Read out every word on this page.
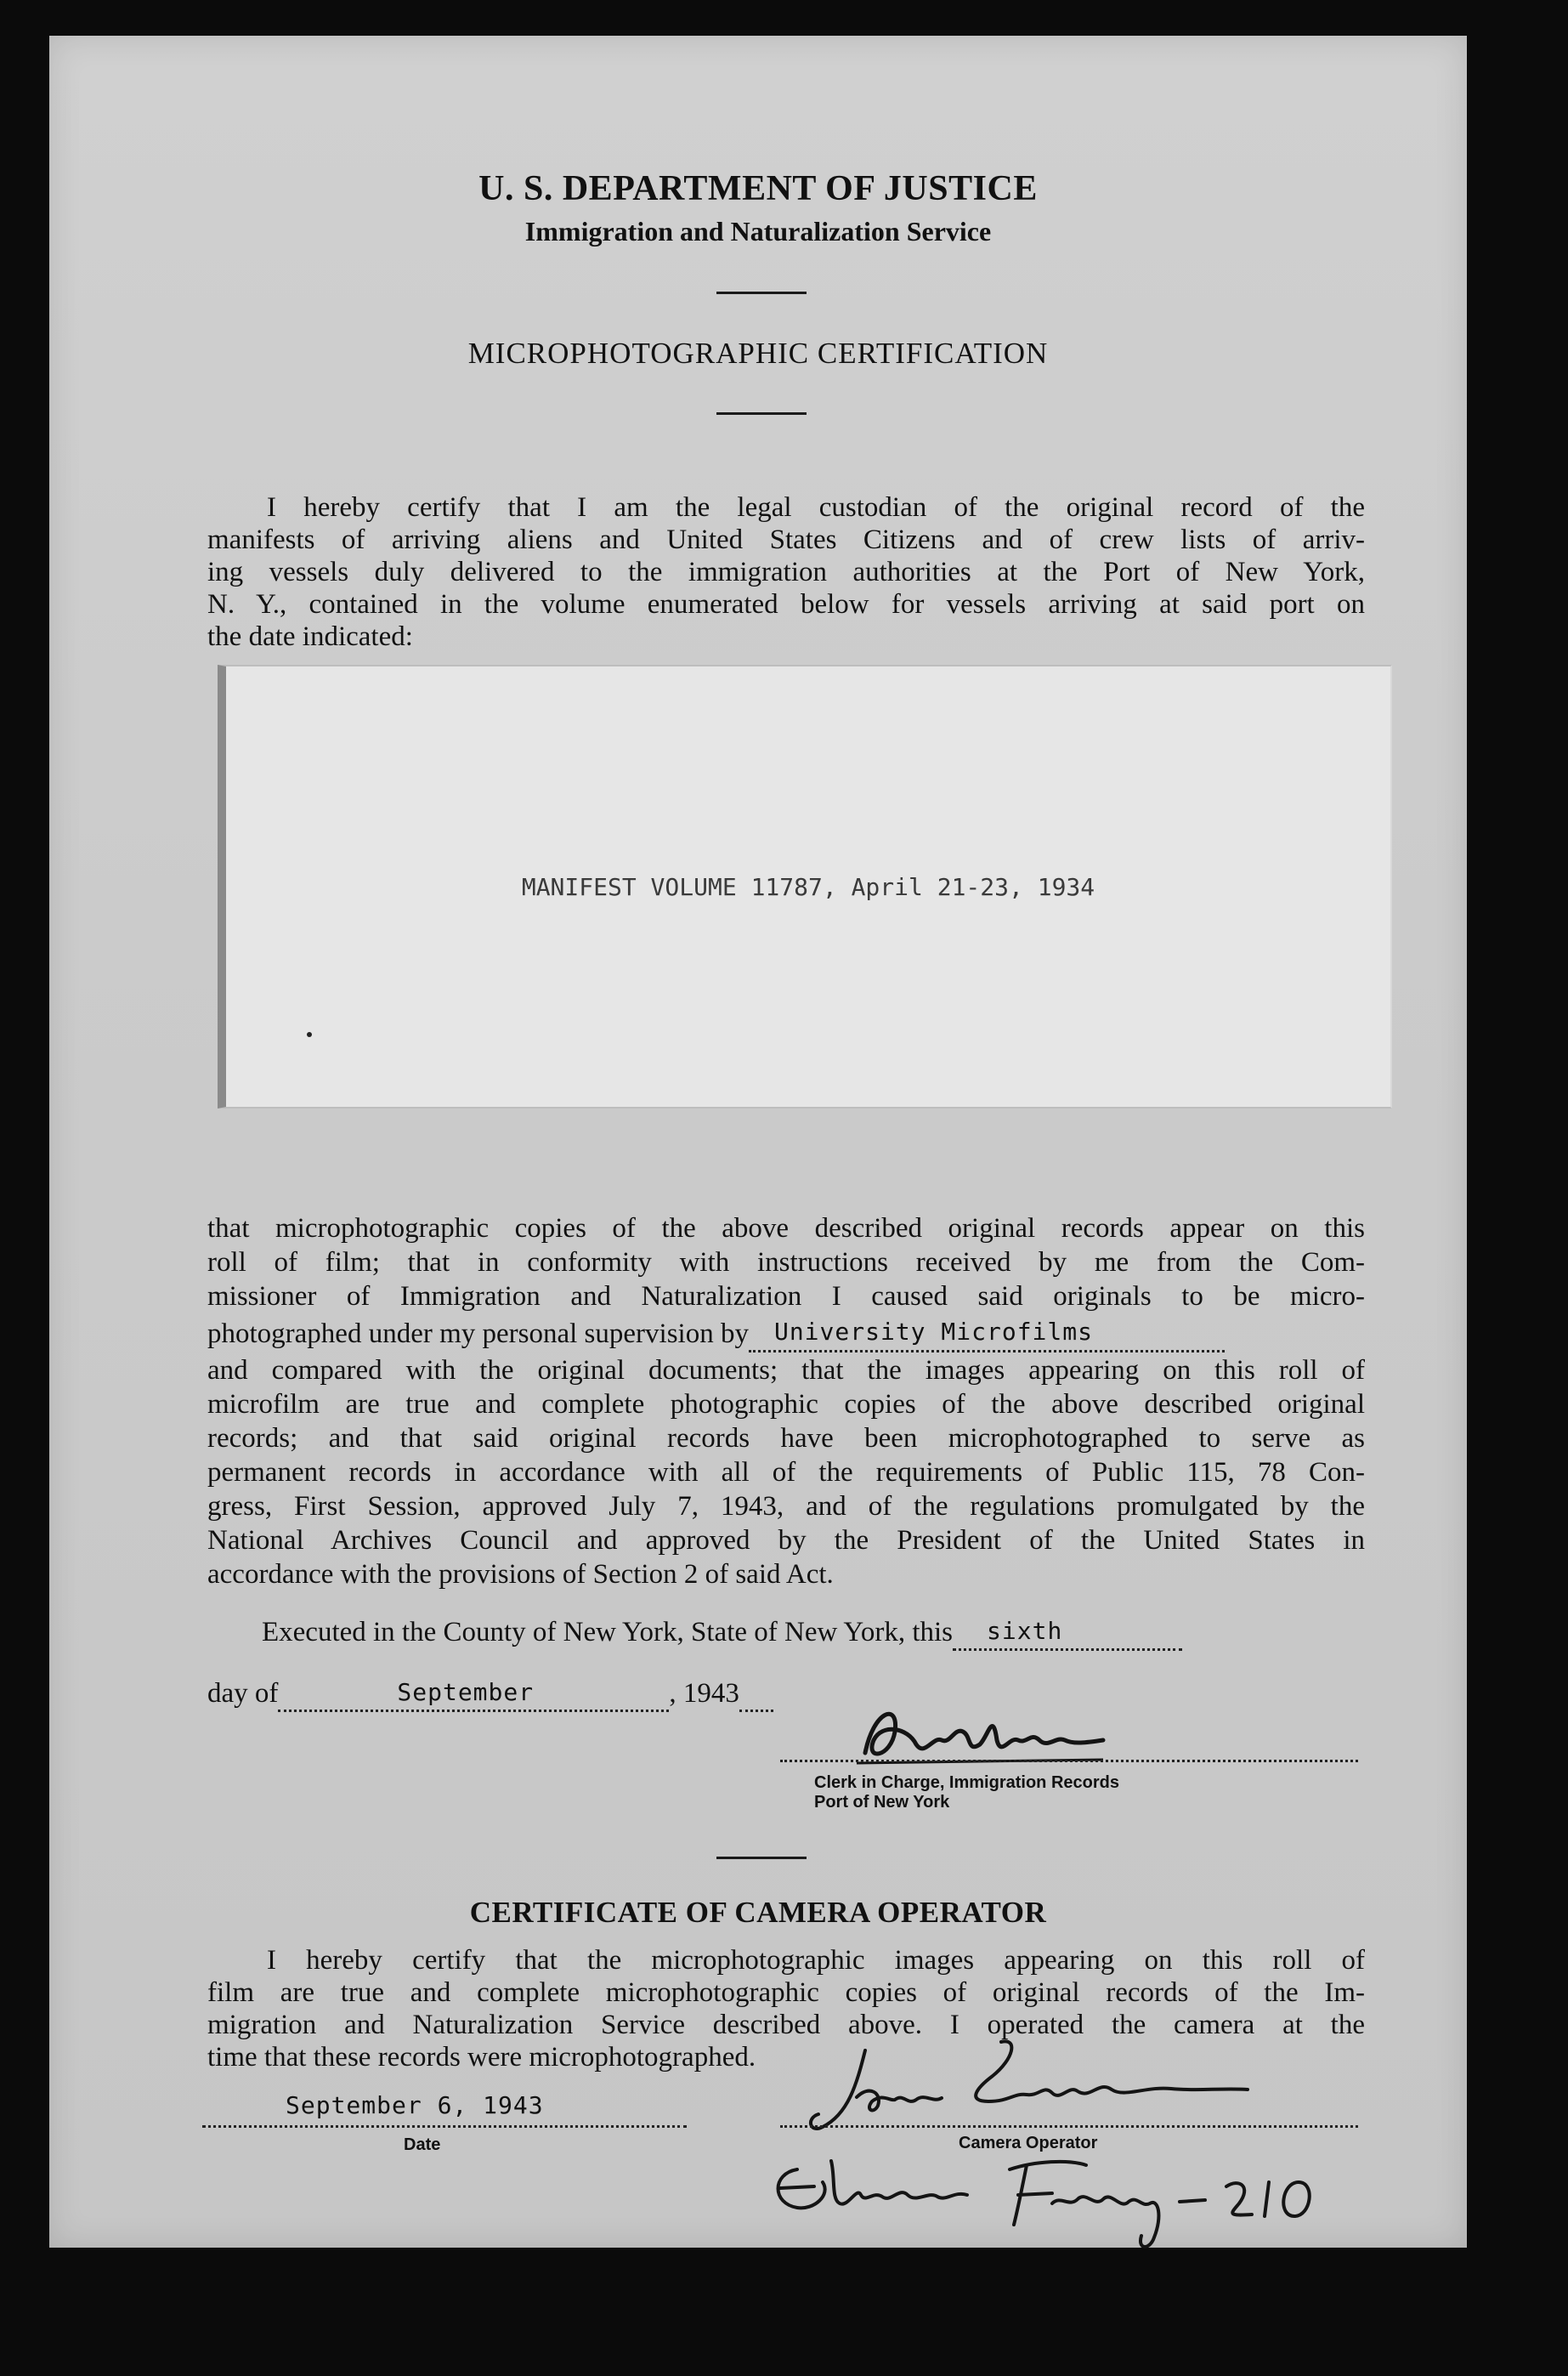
U. S. DEPARTMENT OF JUSTICE
Immigration and Naturalization Service
MICROPHOTOGRAPHIC CERTIFICATION
I hereby certify that I am the legal custodian of the original record of the
manifests of arriving aliens and United States Citizens and of crew lists of arriv-
ing vessels duly delivered to the immigration authorities at the Port of New York,
N. Y., contained in the volume enumerated below for vessels arriving at said port on
the date indicated:
MANIFEST VOLUME 11787, April 21-23, 1934
that microphotographic copies of the above described original records appear on this
roll of film; that in conformity with instructions received by me from the Com-
missioner of Immigration and Naturalization I caused said originals to be micro-
photographed under my personal supervision by University Microfilms

and compared with the original documents; that the images appearing on this roll of
microfilm are true and complete photographic copies of the above described original
records; and that said original records have been microphotographed to serve as
permanent records in accordance with all of the requirements of Public 115, 78 Con-
gress, First Session, approved July 7, 1943, and of the regulations promulgated by the
National Archives Council and approved by the President of the United States in
accordance with the provisions of Section 2 of said Act.
Executed in the County of New York, State of New York, this sixth

day of	September	, 1943
Clerk in Charge, Immigration Records
Port of New York
CERTIFICATE OF CAMERA OPERATOR
I hereby certify that the microphotographic images appearing on this roll of
film are true and complete microphotographic copies of original records of the Im-
migration and Naturalization Service described above. I operated the camera at the
time that these records were microphotographed.
September 6, 1943
Date	Camera Operator
